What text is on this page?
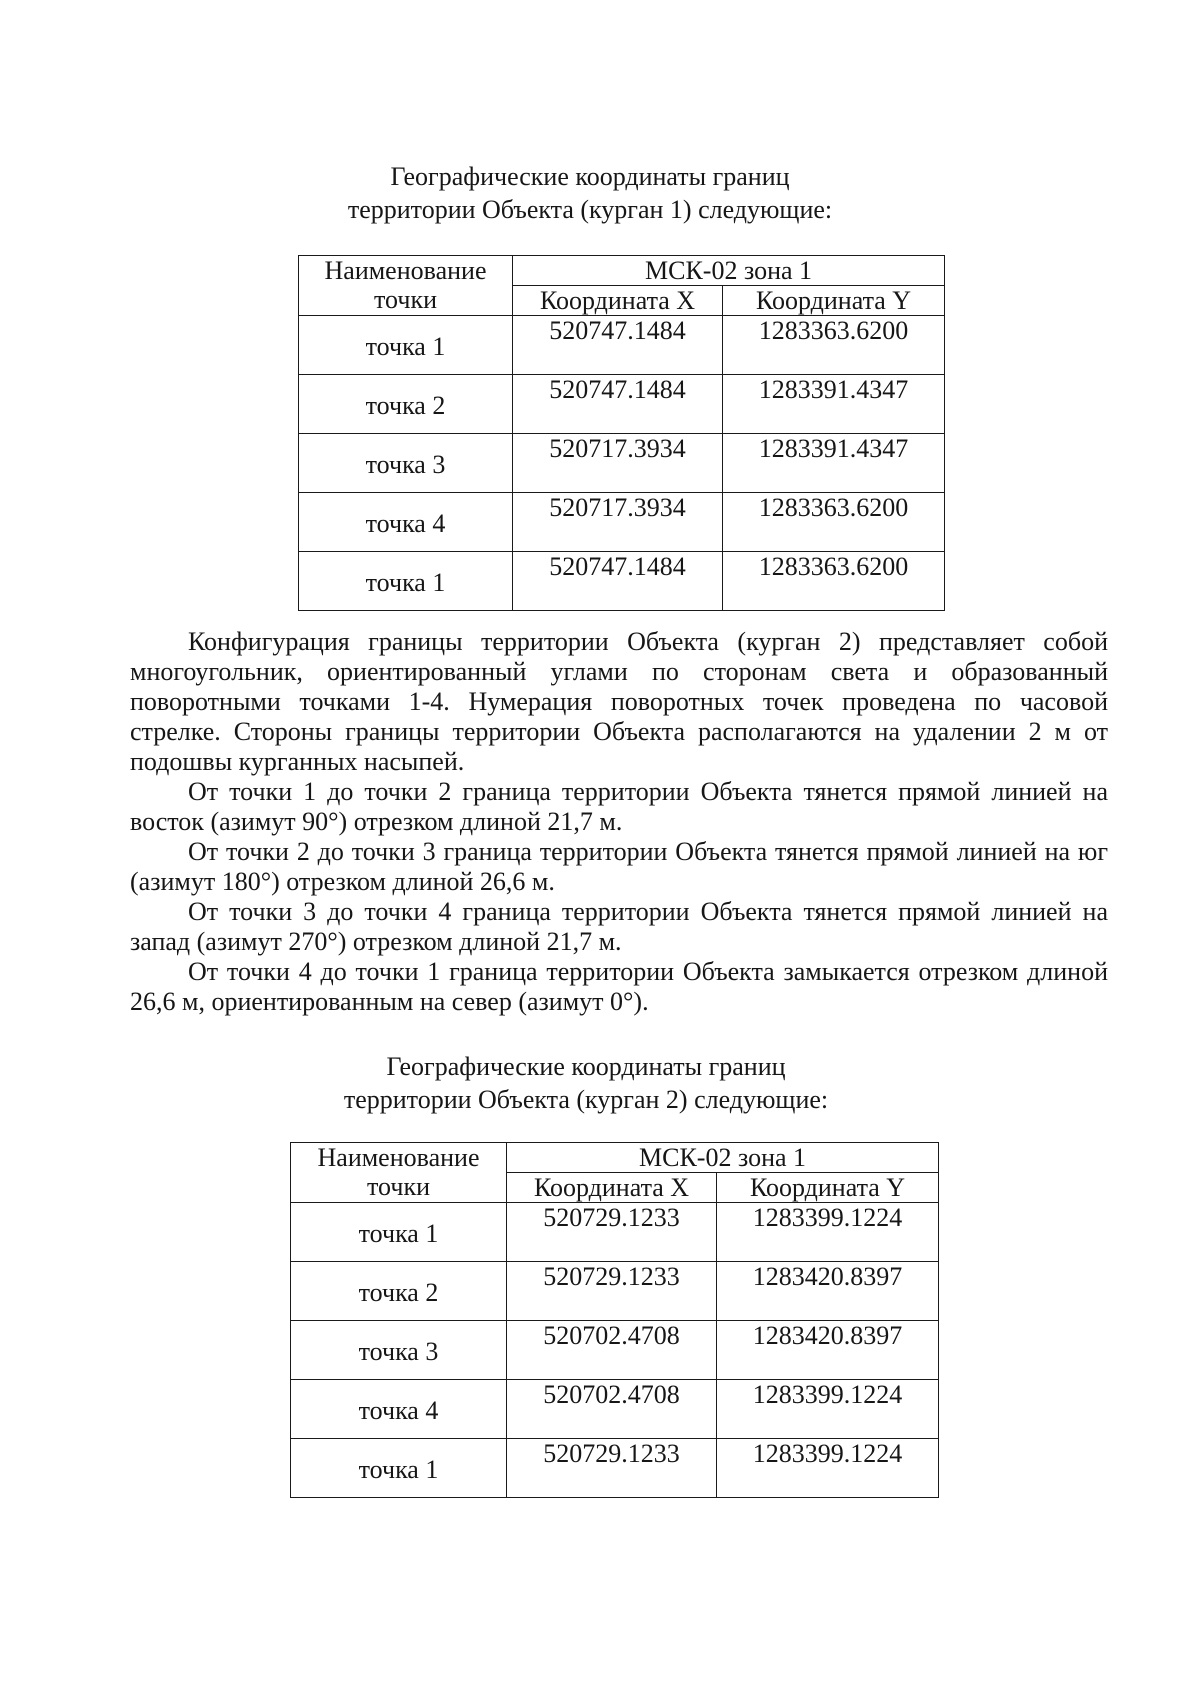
Географические координаты границ
территории Объекта (курган 1) следующие:
Наименование
точки	МСК-02 зона 1	
	Координата X	Координата Y
точка 1	520747.1484	1283363.6200
точка 2	520747.1484	1283391.4347
точка 3	520717.3934	1283391.4347
точка 4	520717.3934	1283363.6200
точка 1	520747.1484	1283363.6200

Конфигурация границы территории Объекта (курган 2) представляет собой многоугольник, ориентированный углами по сторонам света и образованный поворотными точками 1-4. Нумерация поворотных точек проведена по часовой стрелке. Стороны границы территории Объекта располагаются на удалении 2 м от подошвы курганных насыпей.

От точки 1 до точки 2 граница территории Объекта тянется прямой линией на восток (азимут 90°) отрезком длиной 21,7 м.

От точки 2 до точки 3 граница территории Объекта тянется прямой линией на юг (азимут 180°) отрезком длиной 26,6 м.

От точки 3 до точки 4 граница территории Объекта тянется прямой линией на запад (азимут 270°) отрезком длиной 21,7 м.

От точки 4 до точки 1 граница территории Объекта замыкается отрезком длиной 26,6 м, ориентированным на север (азимут 0°).

Географические координаты границ
территории Объекта (курган 2) следующие:
Наименование
точки	МСК-02 зона 1	
	Координата X	Координата Y
точка 1	520729.1233	1283399.1224
точка 2	520729.1233	1283420.8397
точка 3	520702.4708	1283420.8397
точка 4	520702.4708	1283399.1224
точка 1	520729.1233	1283399.1224
